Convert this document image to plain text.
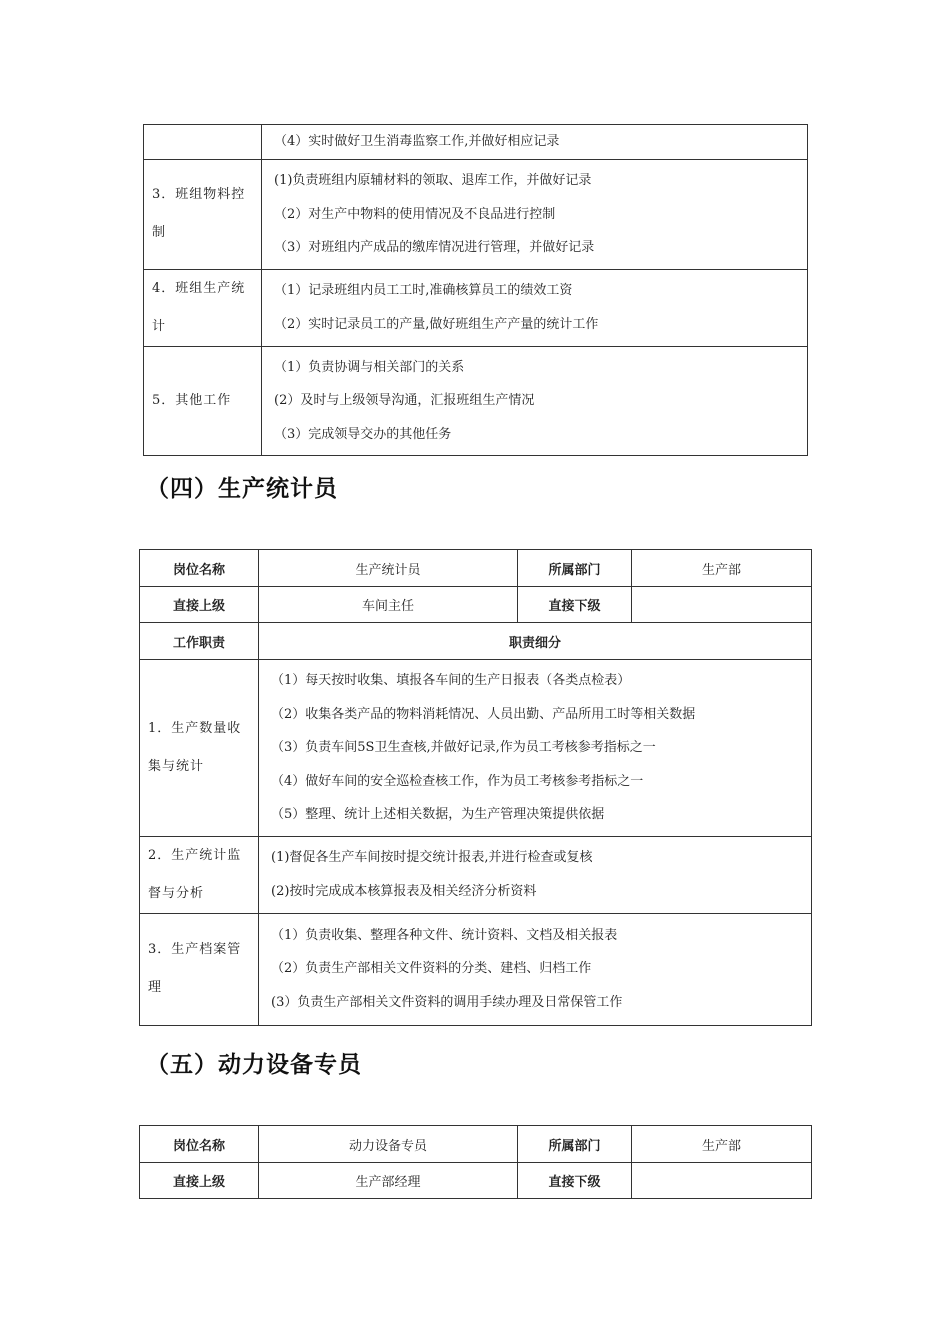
	（4）实时做好卫生消毒监察工作,并做好相应记录

3．班组物料控制	(1)负责班组内原辅材料的领取、退库工作，并做好记录
（2）对生产中物料的使用情况及不良品进行控制
（3）对班组内产成品的缴库情况进行管理，并做好记录

4．班组生产统计	（1）记录班组内员工工时,准确核算员工的绩效工资
（2）实时记录员工的产量,做好班组生产产量的统计工作

5．其他工作	（1）负责协调与相关部门的关系
(2）及时与上级领导沟通，汇报班组生产情况
（3）完成领导交办的其他任务
（四）生产统计员
岗位名称	生产统计员	所属部门	生产部
直接上级	车间主任	直接下级	
工作职责	职责细分		
1．生产数量收集与统计	（1）每天按时收集、填报各车间的生产日报表（各类点检表）
（2）收集各类产品的物料消耗情况、人员出勤、产品所用工时等相关数据
（3）负责车间5S卫生查核,并做好记录,作为员工考核参考指标之一
（4）做好车间的安全巡检查核工作，作为员工考核参考指标之一
（5）整理、统计上述相关数据，为生产管理决策提供依据		

2．生产统计监督与分析	(1)督促各生产车间按时提交统计报表,并进行检查或复核
(2)按时完成成本核算报表及相关经济分析资料		

3．生产档案管理	（1）负责收集、整理各种文件、统计资料、文档及相关报表
（2）负责生产部相关文件资料的分类、建档、归档工作
(3）负责生产部相关文件资料的调用手续办理及日常保管工作		
（五）动力设备专员
岗位名称	动力设备专员	所属部门	生产部
直接上级	生产部经理	直接下级	
